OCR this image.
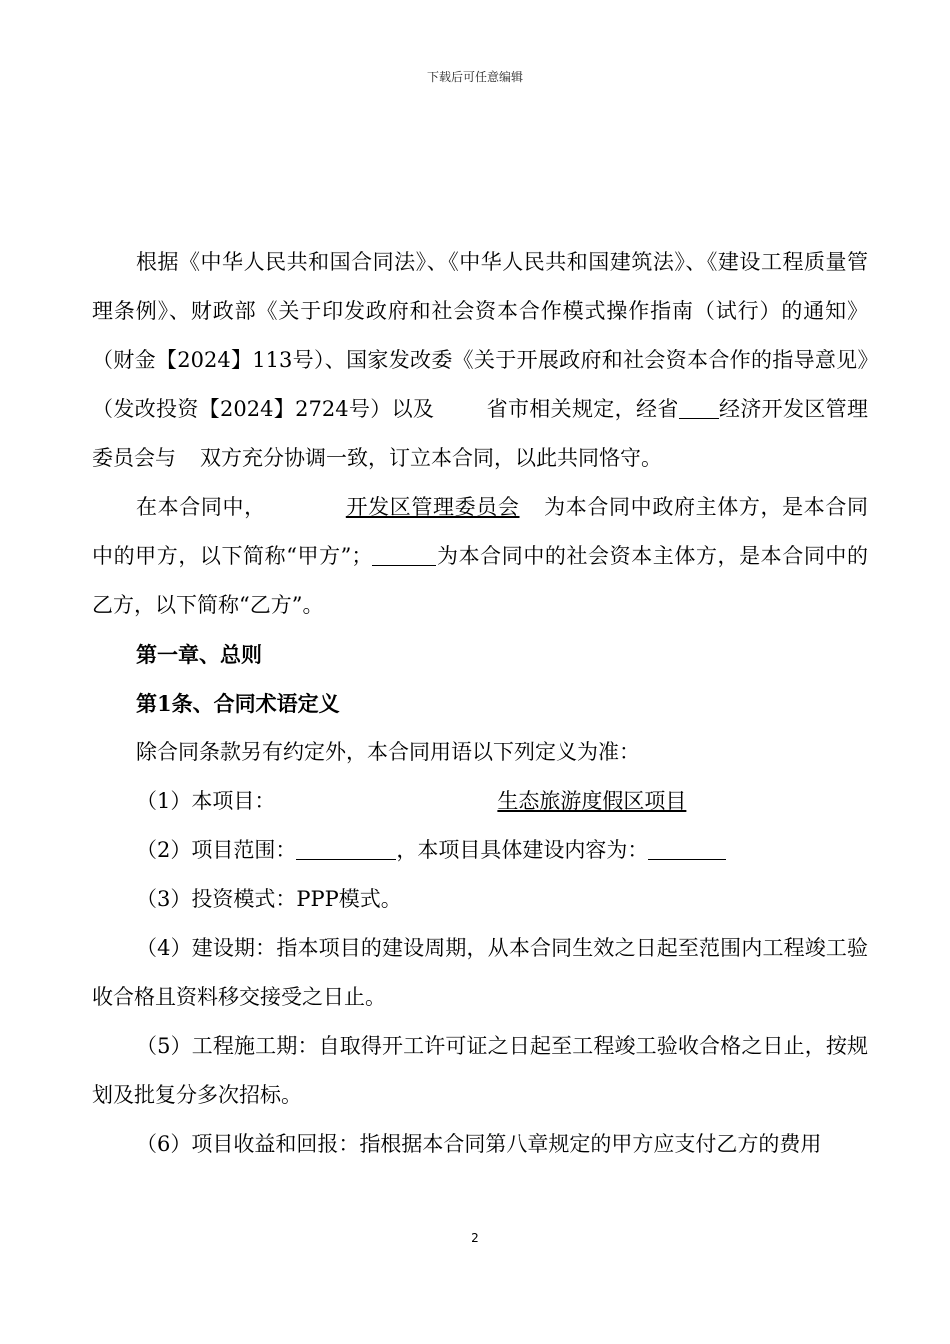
下载后可任意编辑

根据《中华人民共和国合同法》、《中华人民共和国建筑法》、《建设工程质量管理条例》、财政部《关于印发政府和社会资本合作模式操作指南（试行）的通知》（财金【2024】113号）、国家发改委《关于开展政府和社会资本合作的指导意见》（发改投资【2024】2724号）以及 省市相关规定，经省 经济开发区管理委员会与 双方充分协调一致，订立本合同，以此共同恪守。

在本合同中，	开发区管理委员会 为本合同中政府主体方，是本合同中的甲方，以下简称“甲方”；	为本合同中的社会资本主体方，是本合同中的乙方，以下简称“乙方”。

第一章、总则

第1条、合同术语定义

除合同条款另有约定外，本合同用语以下列定义为准：

（1）本项目：	生态旅游度假区项目

（2）项目范围：	，本项目具体建设内容为：

（3）投资模式：PPP模式。

（4）建设期：指本项目的建设周期，从本合同生效之日起至范围内工程竣工验收合格且资料移交接受之日止。

（5）工程施工期：自取得开工许可证之日起至工程竣工验收合格之日止，按规划及批复分多次招标。

（6）项目收益和回报：指根据本合同第八章规定的甲方应支付乙方的费用

2
